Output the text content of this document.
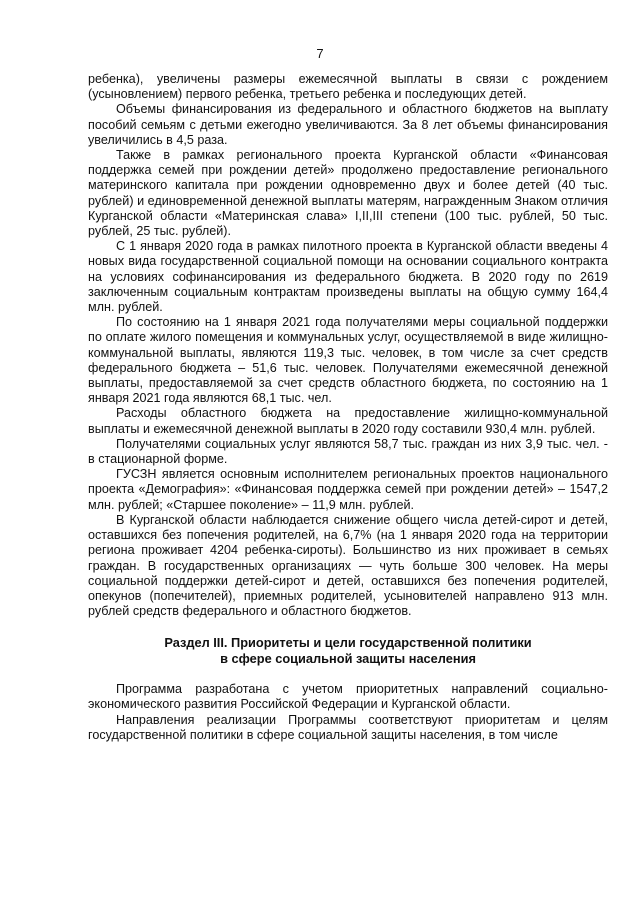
7

ребенка), увеличены размеры ежемесячной выплаты в связи с рождением (усыновлением) первого ребенка, третьего ребенка и последующих детей.

Объемы финансирования из федерального и областного бюджетов на выплату пособий семьям с детьми ежегодно увеличиваются. За 8 лет объемы финансирования увеличились в 4,5 раза.

Также в рамках регионального проекта Курганской области «Финансовая поддержка семей при рождении детей» продолжено предоставление регионального материнского капитала при рождении одновременно двух и более детей (40 тыс. рублей) и единовременной денежной выплаты матерям, награжденным Знаком отличия Курганской области «Материнская слава» I,II,III степени (100 тыс. рублей, 50 тыс. рублей, 25 тыс. рублей).

С 1 января 2020 года в рамках пилотного проекта в Курганской области введены 4 новых вида государственной социальной помощи на основании социального контракта на условиях софинансирования из федерального бюджета. В 2020 году по 2619 заключенным социальным контрактам произведены выплаты на общую сумму 164,4 млн. рублей.

По состоянию на 1 января 2021 года получателями меры социальной поддержки по оплате жилого помещения и коммунальных услуг, осуществляемой в виде жилищно-коммунальной выплаты, являются 119,3 тыс. человек, в том числе за счет средств федерального бюджета – 51,6 тыс. человек. Получателями ежемесячной денежной выплаты, предоставляемой за счет средств областного бюджета, по состоянию на 1 января 2021 года являются 68,1 тыс. чел.

Расходы областного бюджета на предоставление жилищно-коммунальной выплаты и ежемесячной денежной выплаты в 2020 году составили 930,4 млн. рублей.

Получателями социальных услуг являются 58,7 тыс. граждан из них 3,9 тыс. чел. - в стационарной форме.

ГУСЗН является основным исполнителем региональных проектов национального проекта «Демография»: «Финансовая поддержка семей при рождении детей» – 1547,2 млн. рублей; «Старшее поколение» – 11,9 млн. рублей.

В Курганской области наблюдается снижение общего числа детей-сирот и детей, оставшихся без попечения родителей, на 6,7% (на 1 января 2020 года на территории региона проживает 4204 ребенка-сироты). Большинство из них проживает в семьях граждан. В государственных организациях — чуть больше 300 человек. На меры социальной поддержки детей-сирот и детей, оставшихся без попечения родителей, опекунов (попечителей), приемных родителей, усыновителей направлено 913 млн. рублей средств федерального и областного бюджетов.

Раздел III. Приоритеты и цели государственной политики
в сфере социальной защиты населения

Программа разработана с учетом приоритетных направлений социально-экономического развития Российской Федерации и Курганской области.

Направления реализации Программы соответствуют приоритетам и целям государственной политики в сфере социальной защиты населения, в том числе
